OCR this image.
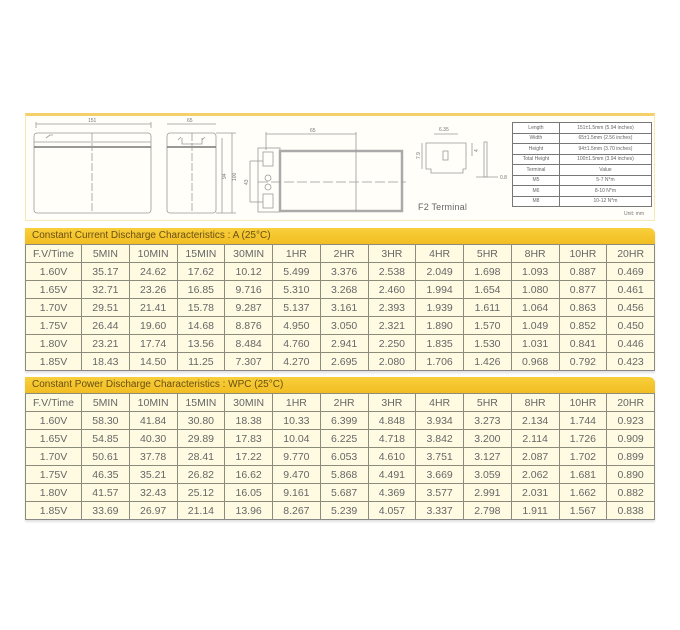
151	65
65
94 100
43
6.35
7.9
4
0.8
F2 Terminal
Length	151±1.5mm (5.94 inches)
Width	65±1.5mm (2.56 inches)
Height	94±1.5mm (3.70 inches)
Total Height	100±1.5mm (3.94 inches)
Terminal	Value
M5	5-7 N*m
M6	8-10 N*m
M8	10-12 N*m
Unit: mm
Constant Current Discharge Characteristics : A (25°C)
F.V/Time	5MIN	10MIN	15MIN	30MIN	1HR	2HR	3HR	4HR	5HR	8HR	10HR	20HR
1.60V	35.17	24.62	17.62	10.12	5.499	3.376	2.538	2.049	1.698	1.093	0.887	0.469
1.65V	32.71	23.26	16.85	9.716	5.310	3.268	2.460	1.994	1.654	1.080	0.877	0.461
1.70V	29.51	21.41	15.78	9.287	5.137	3.161	2.393	1.939	1.611	1.064	0.863	0.456
1.75V	26.44	19.60	14.68	8.876	4.950	3.050	2.321	1.890	1.570	1.049	0.852	0.450
1.80V	23.21	17.74	13.56	8.484	4.760	2.941	2.250	1.835	1.530	1.031	0.841	0.446
1.85V	18.43	14.50	11.25	7.307	4.270	2.695	2.080	1.706	1.426	0.968	0.792	0.423
Constant Power Discharge Characteristics : WPC (25°C)
F.V/Time	5MIN	10MIN	15MIN	30MIN	1HR	2HR	3HR	4HR	5HR	8HR	10HR	20HR
1.60V	58.30	41.84	30.80	18.38	10.33	6.399	4.848	3.934	3.273	2.134	1.744	0.923
1.65V	54.85	40.30	29.89	17.83	10.04	6.225	4.718	3.842	3.200	2.114	1.726	0.909
1.70V	50.61	37.78	28.41	17.22	9.770	6.053	4.610	3.751	3.127	2.087	1.702	0.899
1.75V	46.35	35.21	26.82	16.62	9.470	5.868	4.491	3.669	3.059	2.062	1.681	0.890
1.80V	41.57	32.43	25.12	16.05	9.161	5.687	4.369	3.577	2.991	2.031	1.662	0.882
1.85V	33.69	26.97	21.14	13.96	8.267	5.239	4.057	3.337	2.798	1.911	1.567	0.838
